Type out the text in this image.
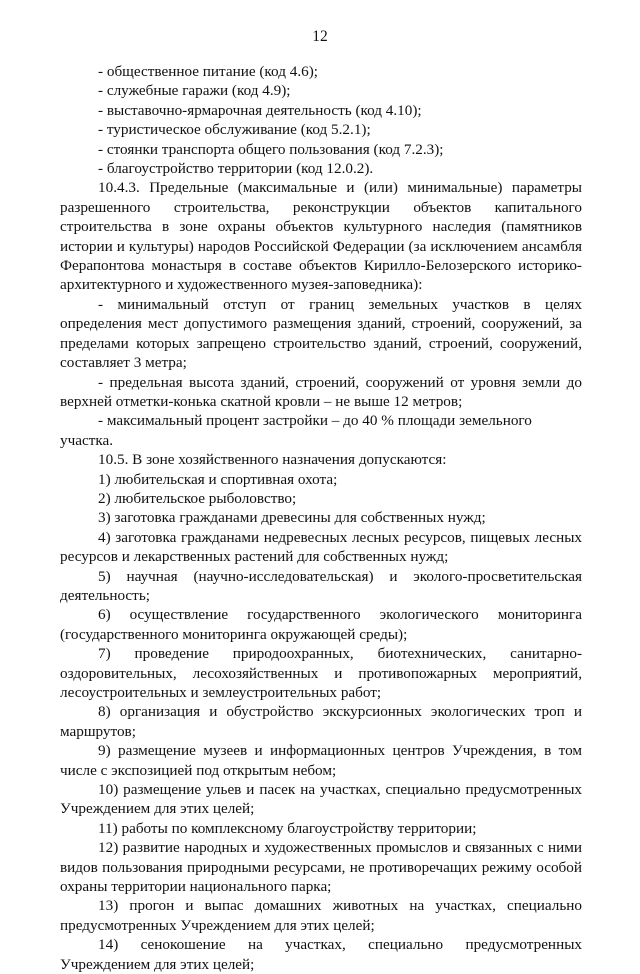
12

- общественное питание (код 4.6);

- служебные гаражи (код 4.9);

- выставочно-ярмарочная деятельность (код 4.10);

- туристическое обслуживание (код 5.2.1);

- стоянки транспорта общего пользования (код 7.2.3);

- благоустройство территории (код 12.0.2).

10.4.3. Предельные (максимальные и (или) минимальные) параметры разрешенного строительства, реконструкции объектов капитального строительства в зоне охраны объектов культурного наследия (памятников истории и культуры) народов Российской Федерации (за исключением ансамбля Ферапонтова монастыря в составе объектов Кирилло-Белозерского историко-архитектурного и художественного музея-заповедника):

- минимальный отступ от границ земельных участков в целях определения мест допустимого размещения зданий, строений, сооружений, за пределами которых запрещено строительство зданий, строений, сооружений, составляет 3 метра;

- предельная высота зданий, строений, сооружений от уровня земли до верхней отметки-конька скатной кровли – не выше 12 метров;

- максимальный процент застройки – до 40 % площади земельного участка.

10.5. В зоне хозяйственного назначения допускаются:

1) любительская и спортивная охота;

2) любительское рыболовство;

3) заготовка гражданами древесины для собственных нужд;

4) заготовка гражданами недревесных лесных ресурсов, пищевых лесных ресурсов и лекарственных растений для собственных нужд;

5) научная (научно-исследовательская) и эколого-просветительская деятельность;

6) осуществление государственного экологического мониторинга (государственного мониторинга окружающей среды);

7) проведение природоохранных, биотехнических, санитарно-оздоровительных, лесохозяйственных и противопожарных мероприятий, лесоустроительных и землеустроительных работ;

8) организация и обустройство экскурсионных экологических троп и маршрутов;

9) размещение музеев и информационных центров Учреждения, в том числе с экспозицией под открытым небом;

10) размещение ульев и пасек на участках, специально предусмотренных Учреждением для этих целей;

11) работы по комплексному благоустройству территории;

12) развитие народных и художественных промыслов и связанных с ними видов пользования природными ресурсами, не противоречащих режиму особой охраны территории национального парка;

13) прогон и выпас домашних животных на участках, специально предусмотренных Учреждением для этих целей;

14) сенокошение на участках, специально предусмотренных Учреждением для этих целей;
